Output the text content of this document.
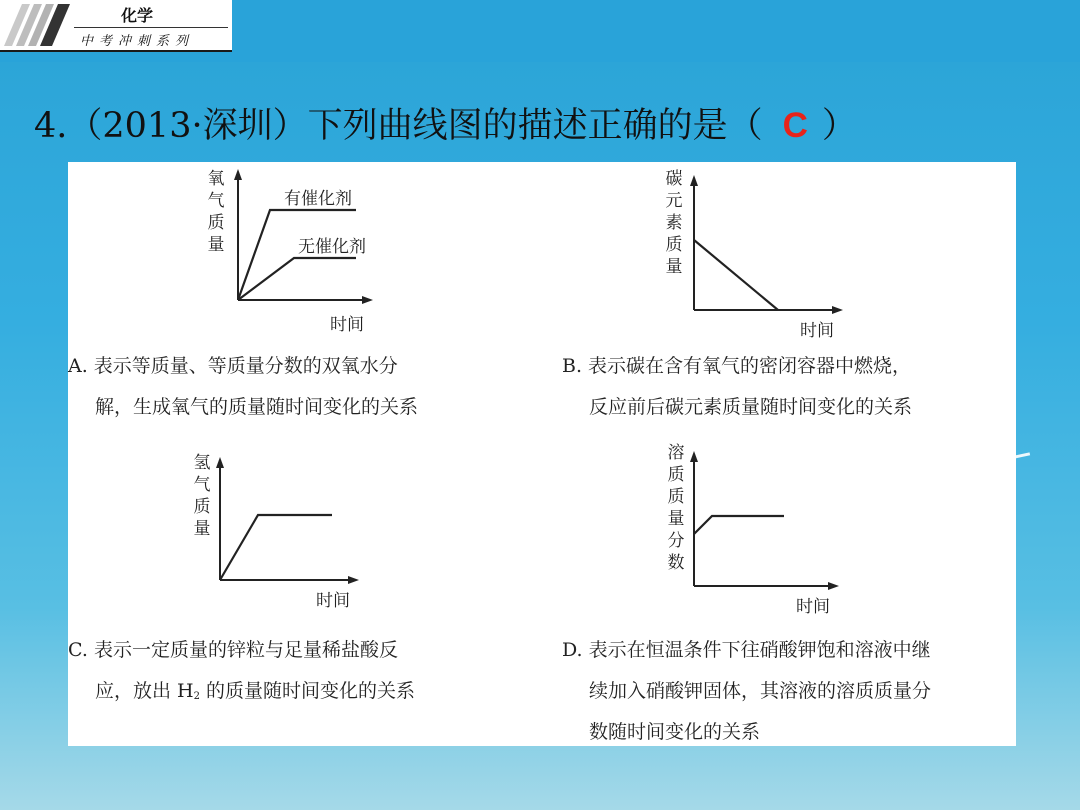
化学
中考冲刺系列
4.（2013·深圳）下列曲线图的描述正确的是（ C ）
氧
气
质
量
有催化剂
无催化剂
时间
碳
元
素
质
量
时间
A. 表示等质量、等质量分数的双氧水分
解，生成氧气的质量随时间变化的关系
B. 表示碳在含有氧气的密闭容器中燃烧，
反应前后碳元素质量随时间变化的关系
氢
气
质
量
时间
溶
质
质
量
分
数
时间
C. 表示一定质量的锌粒与足量稀盐酸反
应，放出 $H_2$ 的质量随时间变化的关系
D. 表示在恒温条件下往硝酸钾饱和溶液中继
续加入硝酸钾固体，其溶液的溶质质量分
数随时间变化的关系
